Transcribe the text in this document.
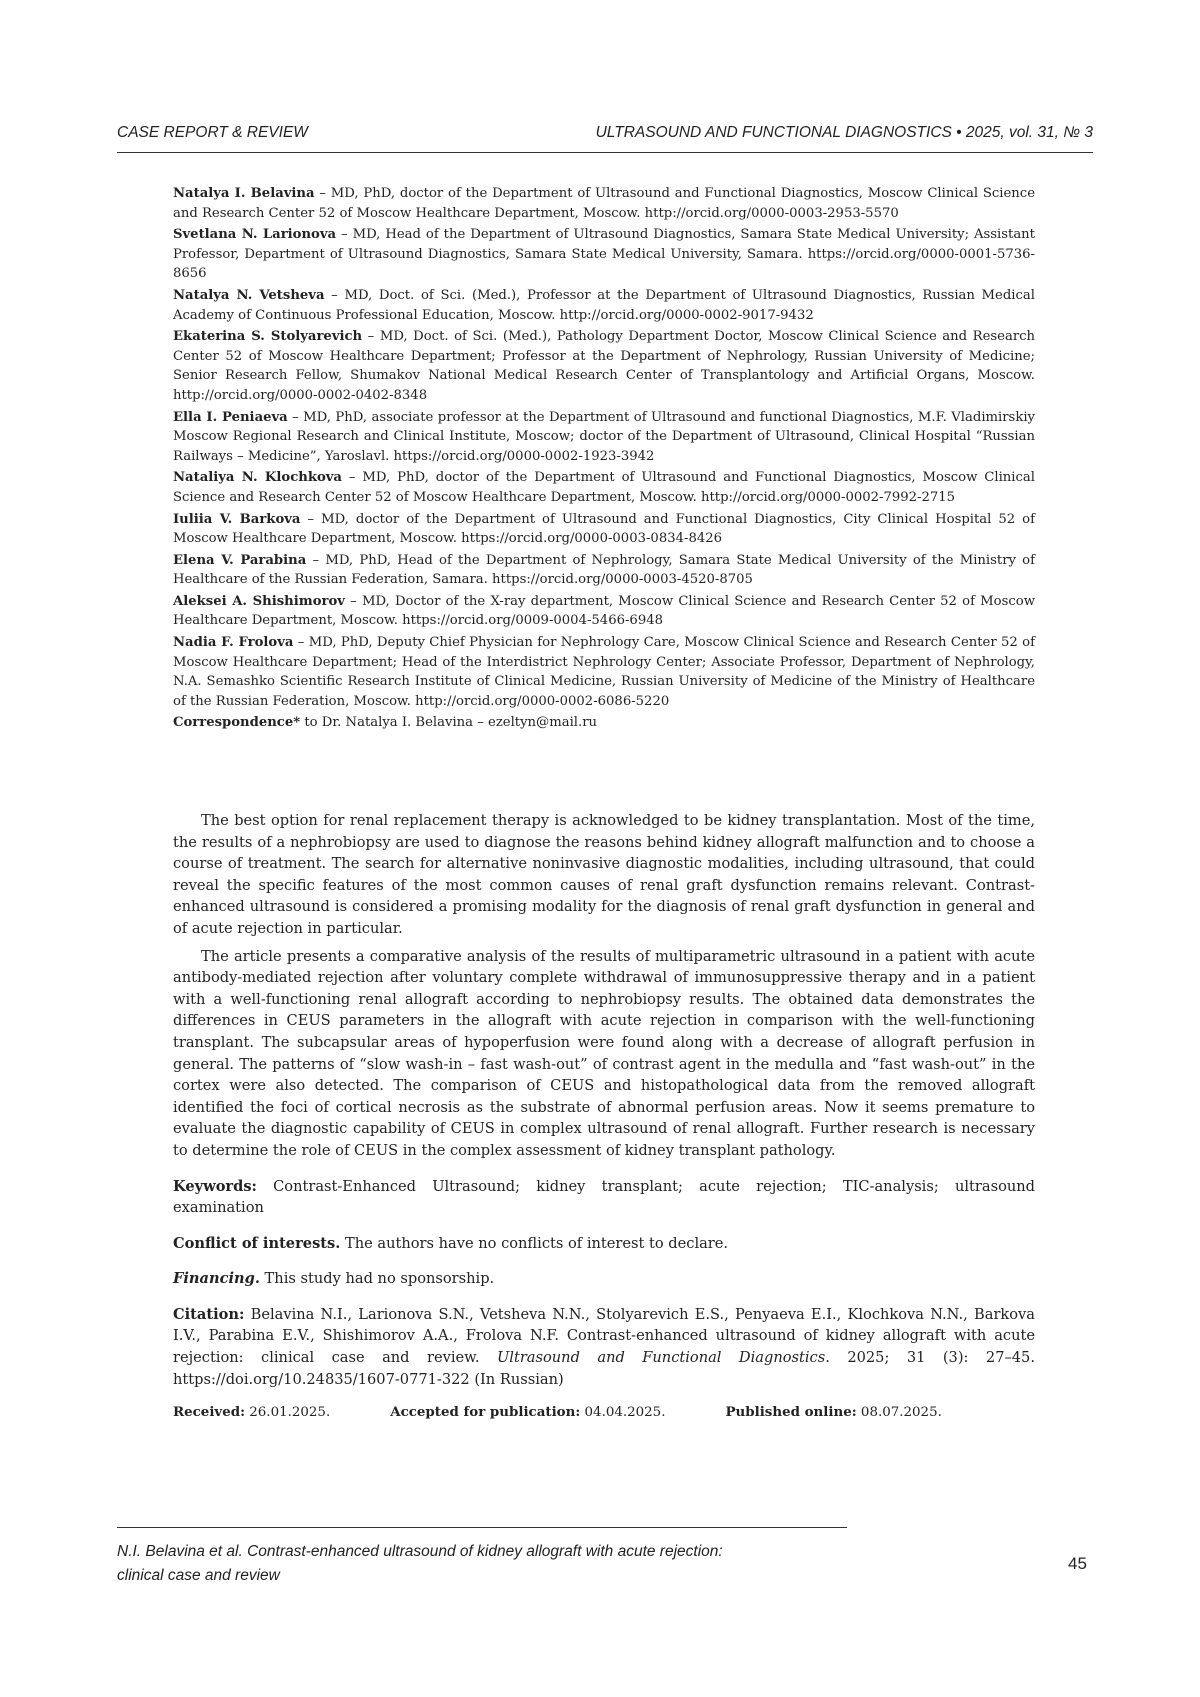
CASE REPORT & REVIEW	ULTRASOUND AND FUNCTIONAL DIAGNOSTICS • 2025, vol. 31, № 3

Natalya I. Belavina – MD, PhD, doctor of the Department of Ultrasound and Functional Diagnostics, Moscow Clinical Science and Research Center 52 of Moscow Healthcare Department, Moscow. http://orcid.org/0000-0003-2953-5570

Svetlana N. Larionova – MD, Head of the Department of Ultrasound Diagnostics, Samara State Medical University; Assistant Professor, Department of Ultrasound Diagnostics, Samara State Medical University, Samara. https://orcid.org/0000-0001-5736-8656

Natalya N. Vetsheva – MD, Doct. of Sci. (Med.), Professor at the Department of Ultrasound Diagnostics, Russian Medical Academy of Continuous Professional Education, Moscow. http://orcid.org/0000-0002-9017-9432

Ekaterina S. Stolyarevich – MD, Doct. of Sci. (Med.), Pathology Department Doctor, Moscow Clinical Science and Research Center 52 of Moscow Healthcare Department; Professor at the Department of Nephrology, Russian University of Medicine; Senior Research Fellow, Shumakov National Medical Research Center of Transplantology and Artificial Organs, Moscow. http://orcid.org/0000-0002-0402-8348

Ella I. Peniaeva – MD, PhD, associate professor at the Department of Ultrasound and functional Diagnostics, M.F. Vladimirskiy Moscow Regional Research and Clinical Institute, Moscow; doctor of the Department of Ultrasound, Clinical Hospital “Russian Railways – Medicine”, Yaroslavl. https://orcid.org/0000-0002-1923-3942

Nataliya N. Klochkova – MD, PhD, doctor of the Department of Ultrasound and Functional Diagnostics, Moscow Clinical Science and Research Center 52 of Moscow Healthcare Department, Moscow. http://orcid.org/0000-0002-7992-2715

Iuliia V. Barkova – MD, doctor of the Department of Ultrasound and Functional Diagnostics, City Clinical Hospital 52 of Moscow Healthcare Department, Moscow. https://orcid.org/0000-0003-0834-8426

Elena V. Parabina – MD, PhD, Head of the Department of Nephrology, Samara State Medical University of the Ministry of Healthcare of the Russian Federation, Samara. https://orcid.org/0000-0003-4520-8705

Aleksei A. Shishimorov – MD, Doctor of the X-ray department, Moscow Clinical Science and Research Center 52 of Moscow Healthcare Department, Moscow. https://orcid.org/0009-0004-5466-6948

Nadia F. Frolova – MD, PhD, Deputy Chief Physician for Nephrology Care, Moscow Clinical Science and Research Center 52 of Moscow Healthcare Department; Head of the Interdistrict Nephrology Center; Associate Professor, Department of Nephrology, N.A. Semashko Scientific Research Institute of Clinical Medicine, Russian University of Medicine of the Ministry of Healthcare of the Russian Federation, Moscow. http://orcid.org/0000-0002-6086-5220

Correspondence* to Dr. Natalya I. Belavina – ezeltyn@mail.ru

The best option for renal replacement therapy is acknowledged to be kidney transplantation. Most of the time, the results of a nephrobiopsy are used to diagnose the reasons behind kidney allograft malfunction and to choose a course of treatment. The search for alternative noninvasive diagnostic modalities, including ultrasound, that could reveal the specific features of the most common causes of renal graft dysfunction remains relevant. Contrast-enhanced ultrasound is considered a promising modality for the diagnosis of renal graft dysfunction in general and of acute rejection in particular.

The article presents a comparative analysis of the results of multiparametric ultrasound in a patient with acute antibody-mediated rejection after voluntary complete withdrawal of immunosuppressive therapy and in a patient with a well-functioning renal allograft according to nephrobiopsy results. The obtained data demonstrates the differences in CEUS parameters in the allograft with acute rejection in comparison with the well-functioning transplant. The subcapsular areas of hypoperfusion were found along with a decrease of allograft perfusion in general. The patterns of “slow wash-in – fast wash-out” of contrast agent in the medulla and “fast wash-out” in the cortex were also detected. The comparison of CEUS and histopathological data from the removed allograft identified the foci of cortical necrosis as the substrate of abnormal perfusion areas. Now it seems premature to evaluate the diagnostic capability of CEUS in complex ultrasound of renal allograft. Further research is necessary to determine the role of CEUS in the complex assessment of kidney transplant pathology.

Keywords: Contrast-Enhanced Ultrasound; kidney transplant; acute rejection; TIC-analysis; ultrasound examination

Conflict of interests. The authors have no conflicts of interest to declare.

Financing. This study had no sponsorship.

Citation: Belavina N.I., Larionova S.N., Vetsheva N.N., Stolyarevich E.S., Penyaeva E.I., Klochkova N.N., Barkova I.V., Parabina E.V., Shishimorov A.A., Frolova N.F. Contrast-enhanced ultrasound of kidney allograft with acute rejection: clinical case and review. Ultrasound and Functional Diagnostics. 2025; 31 (3): 27–45. https://doi.org/10.24835/1607-0771-322 (In Russian)

Received: 26.01.2025.	Accepted for publication: 04.04.2025.	Published online: 08.07.2025.
N.I. Belavina et al. Contrast-enhanced ultrasound of kidney allograft with acute rejection:
clinical case and review
45
